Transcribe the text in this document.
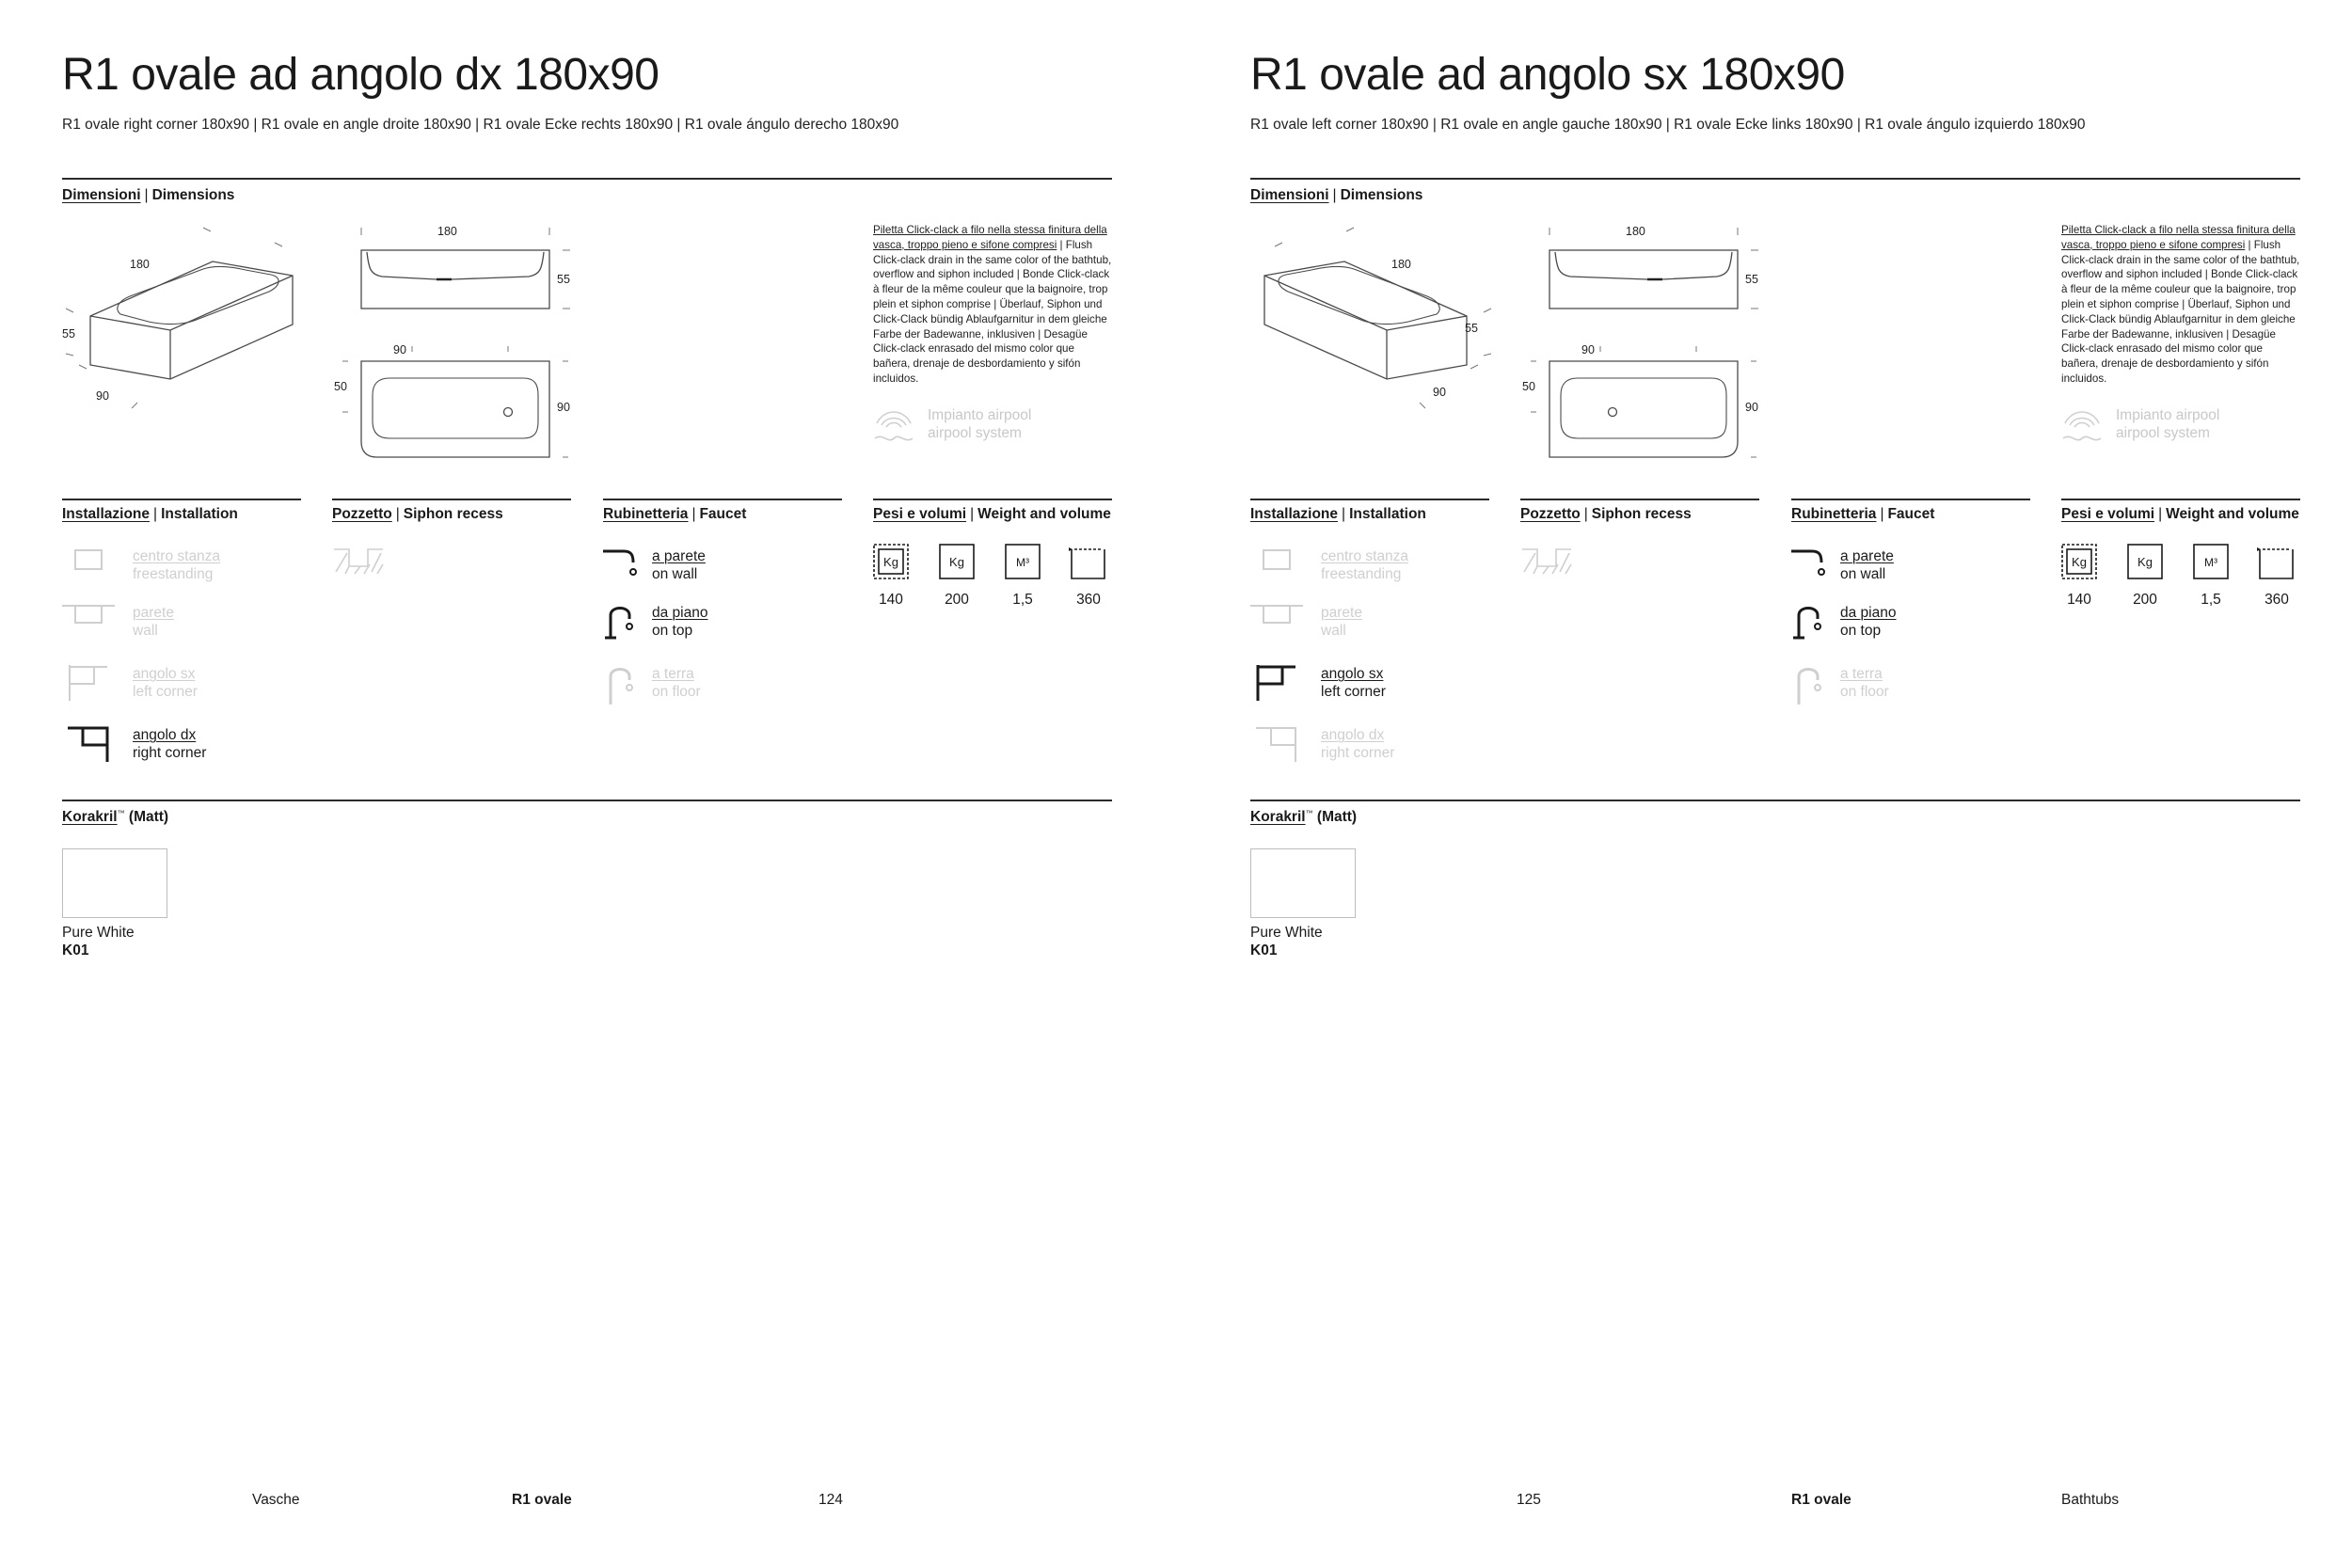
R1 ovale ad angolo dx 180x90
R1 ovale right corner 180x90 | R1 ovale en angle droite 180x90 | R1 ovale Ecke rechts 180x90 | R1 ovale ángulo derecho 180x90
Dimensioni | Dimensions
180
55
90
180
55
90
50
90
Piletta Click-clack a filo nella stessa finitura della vasca, troppo pieno e sifone compresi | Flush Click-clack drain in the same color of the bathtub, overflow and siphon included | Bonde Click-clack à fleur de la même couleur que la baignoire, trop plein et siphon comprise | Überlauf, Siphon und Click-Clack bündig Ablaufgarnitur in dem gleiche Farbe der Badewanne, inklusiven | Desagüe Click-clack enrasado del mismo color que bañera, drenaje de desbordamiento y sifón incluidos.
Impianto airpool
airpool system
Installazione | Installation	Pozzetto | Siphon recess	Rubinetteria | Faucet	Pesi e volumi | Weight and volume
centro stanza
freestanding
parete
wall
angolo sx
left corner
angolo dx
right corner
a parete
on wall
da piano
on top
a terra
on floor
Kg
140
Kg
200
M³
1,5	360
Korakril™ (Matt)
Pure White
K01
Vasche	R1 ovale	124
R1 ovale ad angolo sx 180x90
R1 ovale left corner 180x90 | R1 ovale en angle gauche 180x90 | R1 ovale Ecke links 180x90 | R1 ovale ángulo izquierdo 180x90
Dimensioni | Dimensions
180
55
90
180
55
90
50
90
Piletta Click-clack a filo nella stessa finitura della vasca, troppo pieno e sifone compresi | Flush Click-clack drain in the same color of the bathtub, overflow and siphon included | Bonde Click-clack à fleur de la même couleur que la baignoire, trop plein et siphon comprise | Überlauf, Siphon und Click-Clack bündig Ablaufgarnitur in dem gleiche Farbe der Badewanne, inklusiven | Desagüe Click-clack enrasado del mismo color que bañera, drenaje de desbordamiento y sifón incluidos.
Impianto airpool
airpool system
Installazione | Installation	Pozzetto | Siphon recess	Rubinetteria | Faucet	Pesi e volumi | Weight and volume
centro stanza
freestanding
parete
wall
angolo sx
left corner
angolo dx
right corner
a parete
on wall
da piano
on top
a terra
on floor
Kg
140
Kg
200
M³
1,5	360
Korakril™ (Matt)
Pure White
K01
125	R1 ovale	Bathtubs
